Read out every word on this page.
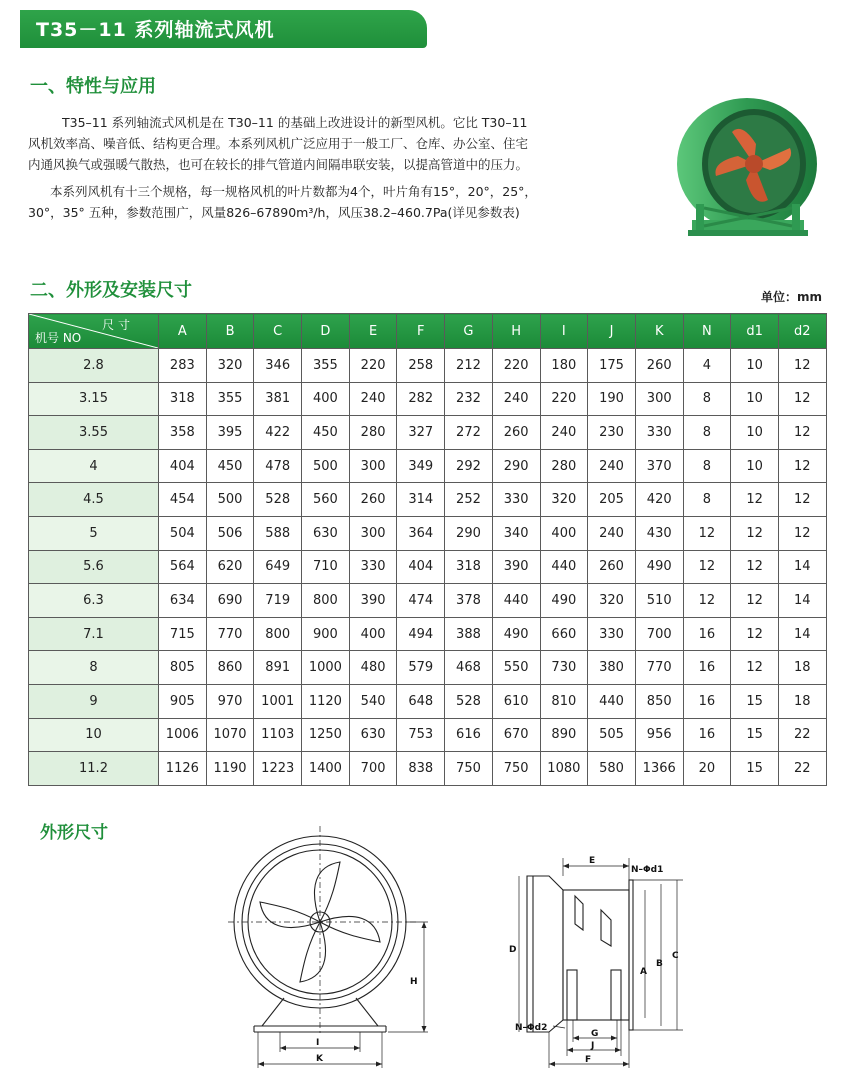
T35－11 系列轴流式风机
一、特性与应用
T35–11 系列轴流式风机是在 T30–11 的基础上改进设计的新型风机。它比 T30–11
风机效率高、噪音低、结构更合理。本系列风机广泛应用于一般工厂、仓库、办公室、住宅
内通风换气或强暖气散热，也可在较长的排气管道内间隔串联安装，以提高管道中的压力。
本系列风机有十三个规格，每一规格风机的叶片数都为4个，叶片角有15°，20°，25°，
30°，35° 五种，参数范围广，风量826–67890m³/h，风压38.2–460.7Pa(详见参数表)
二、外形及安装尺寸	单位：mm
尺 寸
机号 NO	A	B	C	D	E	F	G	H	I	J	K	N	d1	d2
2.8	283	320	346	355	220	258	212	220	180	175	260	4	10	12
3.15	318	355	381	400	240	282	232	240	220	190	300	8	10	12
3.55	358	395	422	450	280	327	272	260	240	230	330	8	10	12
4	404	450	478	500	300	349	292	290	280	240	370	8	10	12
4.5	454	500	528	560	260	314	252	330	320	205	420	8	12	12
5	504	506	588	630	300	364	290	340	400	240	430	12	12	12
5.6	564	620	649	710	330	404	318	390	440	260	490	12	12	14
6.3	634	690	719	800	390	474	378	440	490	320	510	12	12	14
7.1	715	770	800	900	400	494	388	490	660	330	700	16	12	14
8	805	860	891	1000	480	579	468	550	730	380	770	16	12	18
9	905	970	1001	1120	540	648	528	610	810	440	850	16	15	18
10	1006	1070	1103	1250	630	753	616	670	890	505	956	16	15	22
11.2	1126	1190	1223	1400	700	838	750	750	1080	580	1366	20	15	22
外形尺寸
I
K
H
E
N–Φd1
A
B
C
D
N–Φd2
G
J
F
